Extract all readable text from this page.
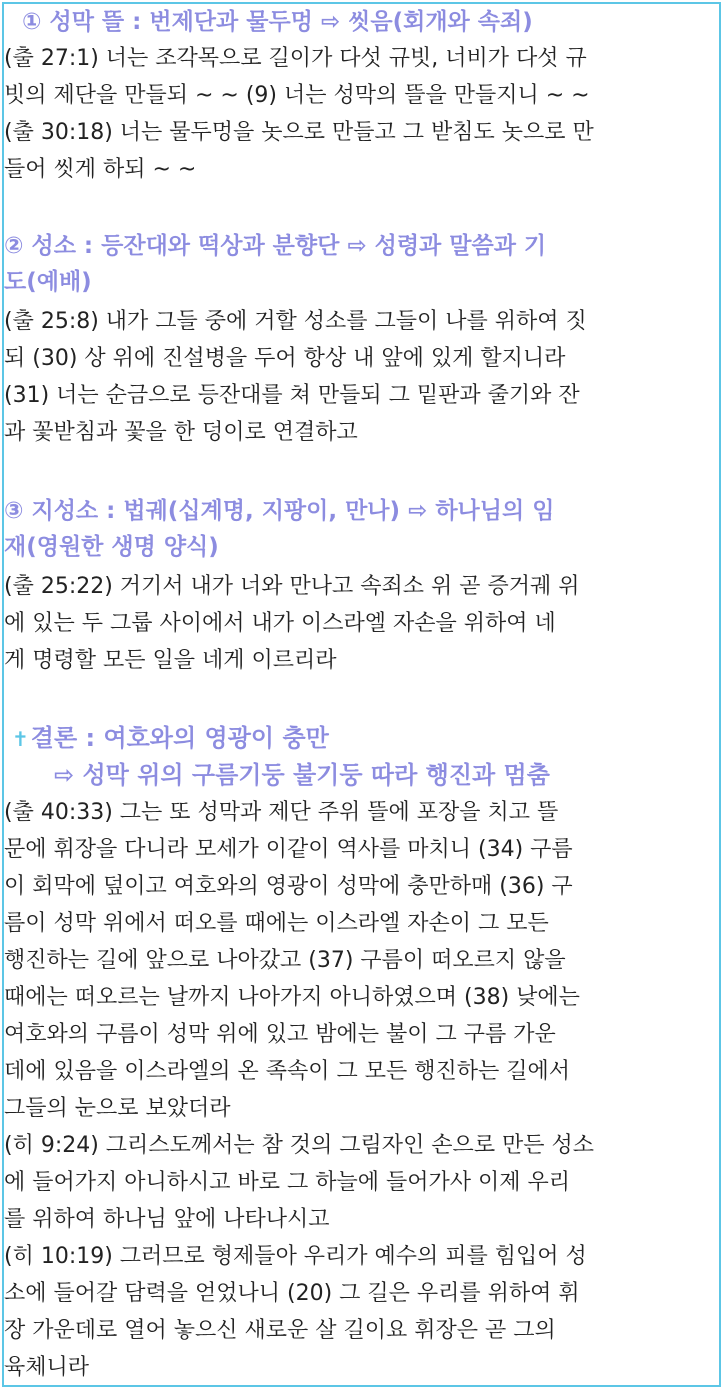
① 성막 뜰 : 번제단과 물두멍 ⇨ 씻음(회개와 속죄)
(출 27:1) 너는 조각목으로 길이가 다섯 규빗, 너비가 다섯 규
빗의 제단을 만들되 ~ ~ (9) 너는 성막의 뜰을 만들지니 ~ ~
(출 30:18) 너는 물두멍을 놋으로 만들고 그 받침도 놋으로 만
들어 씻게 하되 ~ ~
② 성소 : 등잔대와 떡상과 분향단 ⇨ 성령과 말씀과 기
도(예배)
(출 25:8) 내가 그들 중에 거할 성소를 그들이 나를 위하여 짓
되 (30) 상 위에 진설병을 두어 항상 내 앞에 있게 할지니라
(31) 너는 순금으로 등잔대를 쳐 만들되 그 밑판과 줄기와 잔
과 꽃받침과 꽃을 한 덩이로 연결하고
③ 지성소 : 법궤(십계명, 지팡이, 만나) ⇨ 하나님의 임
재(영원한 생명 양식)
(출 25:22) 거기서 내가 너와 만나고 속죄소 위 곧 증거궤 위
에 있는 두 그룹 사이에서 내가 이스라엘 자손을 위하여 네
게 명령할 모든 일을 네게 이르리라
✝결론 : 여호와의 영광이 충만
⇨ 성막 위의 구름기둥 불기둥 따라 행진과 멈춤
(출 40:33) 그는 또 성막과 제단 주위 뜰에 포장을 치고 뜰
문에 휘장을 다니라 모세가 이같이 역사를 마치니 (34) 구름
이 회막에 덮이고 여호와의 영광이 성막에 충만하매 (36) 구
름이 성막 위에서 떠오를 때에는 이스라엘 자손이 그 모든
행진하는 길에 앞으로 나아갔고 (37) 구름이 떠오르지 않을
때에는 떠오르는 날까지 나아가지 아니하였으며 (38) 낮에는
여호와의 구름이 성막 위에 있고 밤에는 불이 그 구름 가운
데에 있음을 이스라엘의 온 족속이 그 모든 행진하는 길에서
그들의 눈으로 보았더라
(히 9:24) 그리스도께서는 참 것의 그림자인 손으로 만든 성소
에 들어가지 아니하시고 바로 그 하늘에 들어가사 이제 우리
를 위하여 하나님 앞에 나타나시고
(히 10:19) 그러므로 형제들아 우리가 예수의 피를 힘입어 성
소에 들어갈 담력을 얻었나니 (20) 그 길은 우리를 위하여 휘
장 가운데로 열어 놓으신 새로운 살 길이요 휘장은 곧 그의
육체니라
